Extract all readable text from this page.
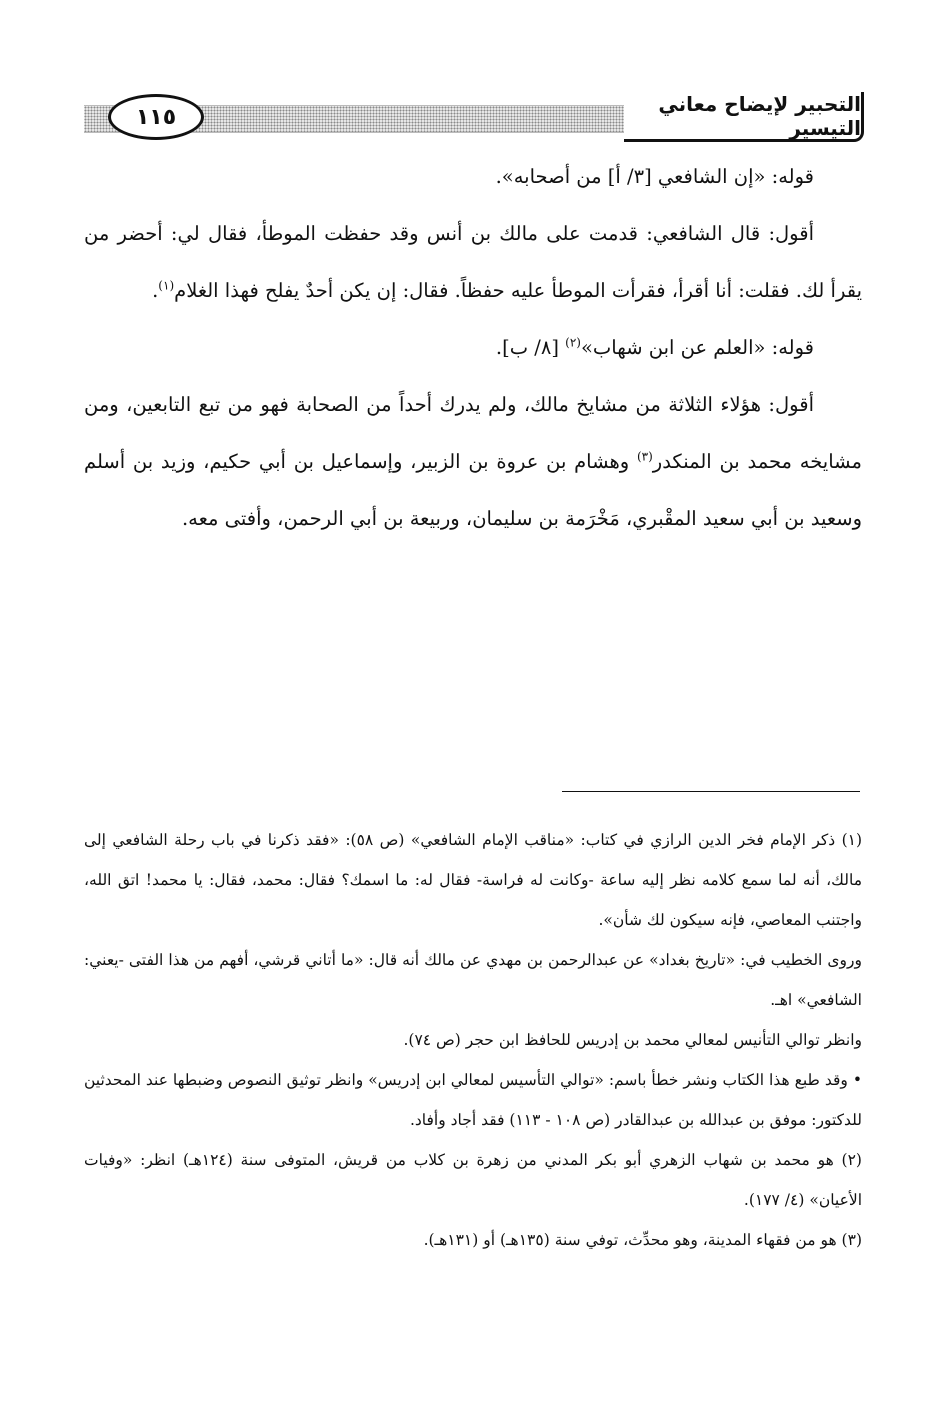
١١٥
التحبير لإيضاح معاني التيسير

قوله: «إن الشافعي [٣/ أ] من أصحابه».

أقول: قال الشافعي: قدمت على مالك بن أنس وقد حفظت الموطأ، فقال لي: أحضر من يقرأ لك. فقلت: أنا أقرأ، فقرأت الموطأ عليه حفظاً. فقال: إن يكن أحدٌ يفلح فهذا الغلام$^{(١)}$.

قوله: «العلم عن ابن شهاب»$^{(٢)}$ [٨/ ب].

أقول: هؤلاء الثلاثة من مشايخ مالك، ولم يدرك أحداً من الصحابة فهو من تبع التابعين، ومن مشايخه محمد بن المنكدر$^{(٣)}$ وهشام بن عروة بن الزبير، وإسماعيل بن أبي حكيم، وزيد بن أسلم وسعيد بن أبي سعيد المقْبري، مَخْرَمة بن سليمان، وربيعة بن أبي الرحمن، وأفتى معه.

(١) ذكر الإمام فخر الدين الرازي في كتاب: «مناقب الإمام الشافعي» (ص ٥٨): «فقد ذكرنا في باب رحلة الشافعي إلى مالك، أنه لما سمع كلامه نظر إليه ساعة -وكانت له فراسة- فقال له: ما اسمك؟ فقال: محمد، فقال: يا محمد! اتق الله، واجتنب المعاصي، فإنه سيكون لك شأن».

وروى الخطيب في: «تاريخ بغداد» عن عبدالرحمن بن مهدي عن مالك أنه قال: «ما أتاني قرشي، أفهم من هذا الفتى -يعني: الشافعي» اهـ.

وانظر توالي التأنيس لمعالي محمد بن إدريس للحافظ ابن حجر (ص ٧٤).

• وقد طبع هذا الكتاب ونشر خطأ باسم: «توالي التأسيس لمعالي ابن إدريس» وانظر توثيق النصوص وضبطها عند المحدثين للدكتور: موفق بن عبدالله بن عبدالقادر (ص ١٠٨ - ١١٣) فقد أجاد وأفاد.

(٢) هو محمد بن شهاب الزهري أبو بكر المدني من زهرة بن كلاب من قريش، المتوفى سنة (١٢٤هـ) انظر: «وفيات الأعيان» (٤/ ١٧٧).

(٣) هو من فقهاء المدينة، وهو محدِّث، توفي سنة (١٣٥هـ) أو (١٣١هـ).
